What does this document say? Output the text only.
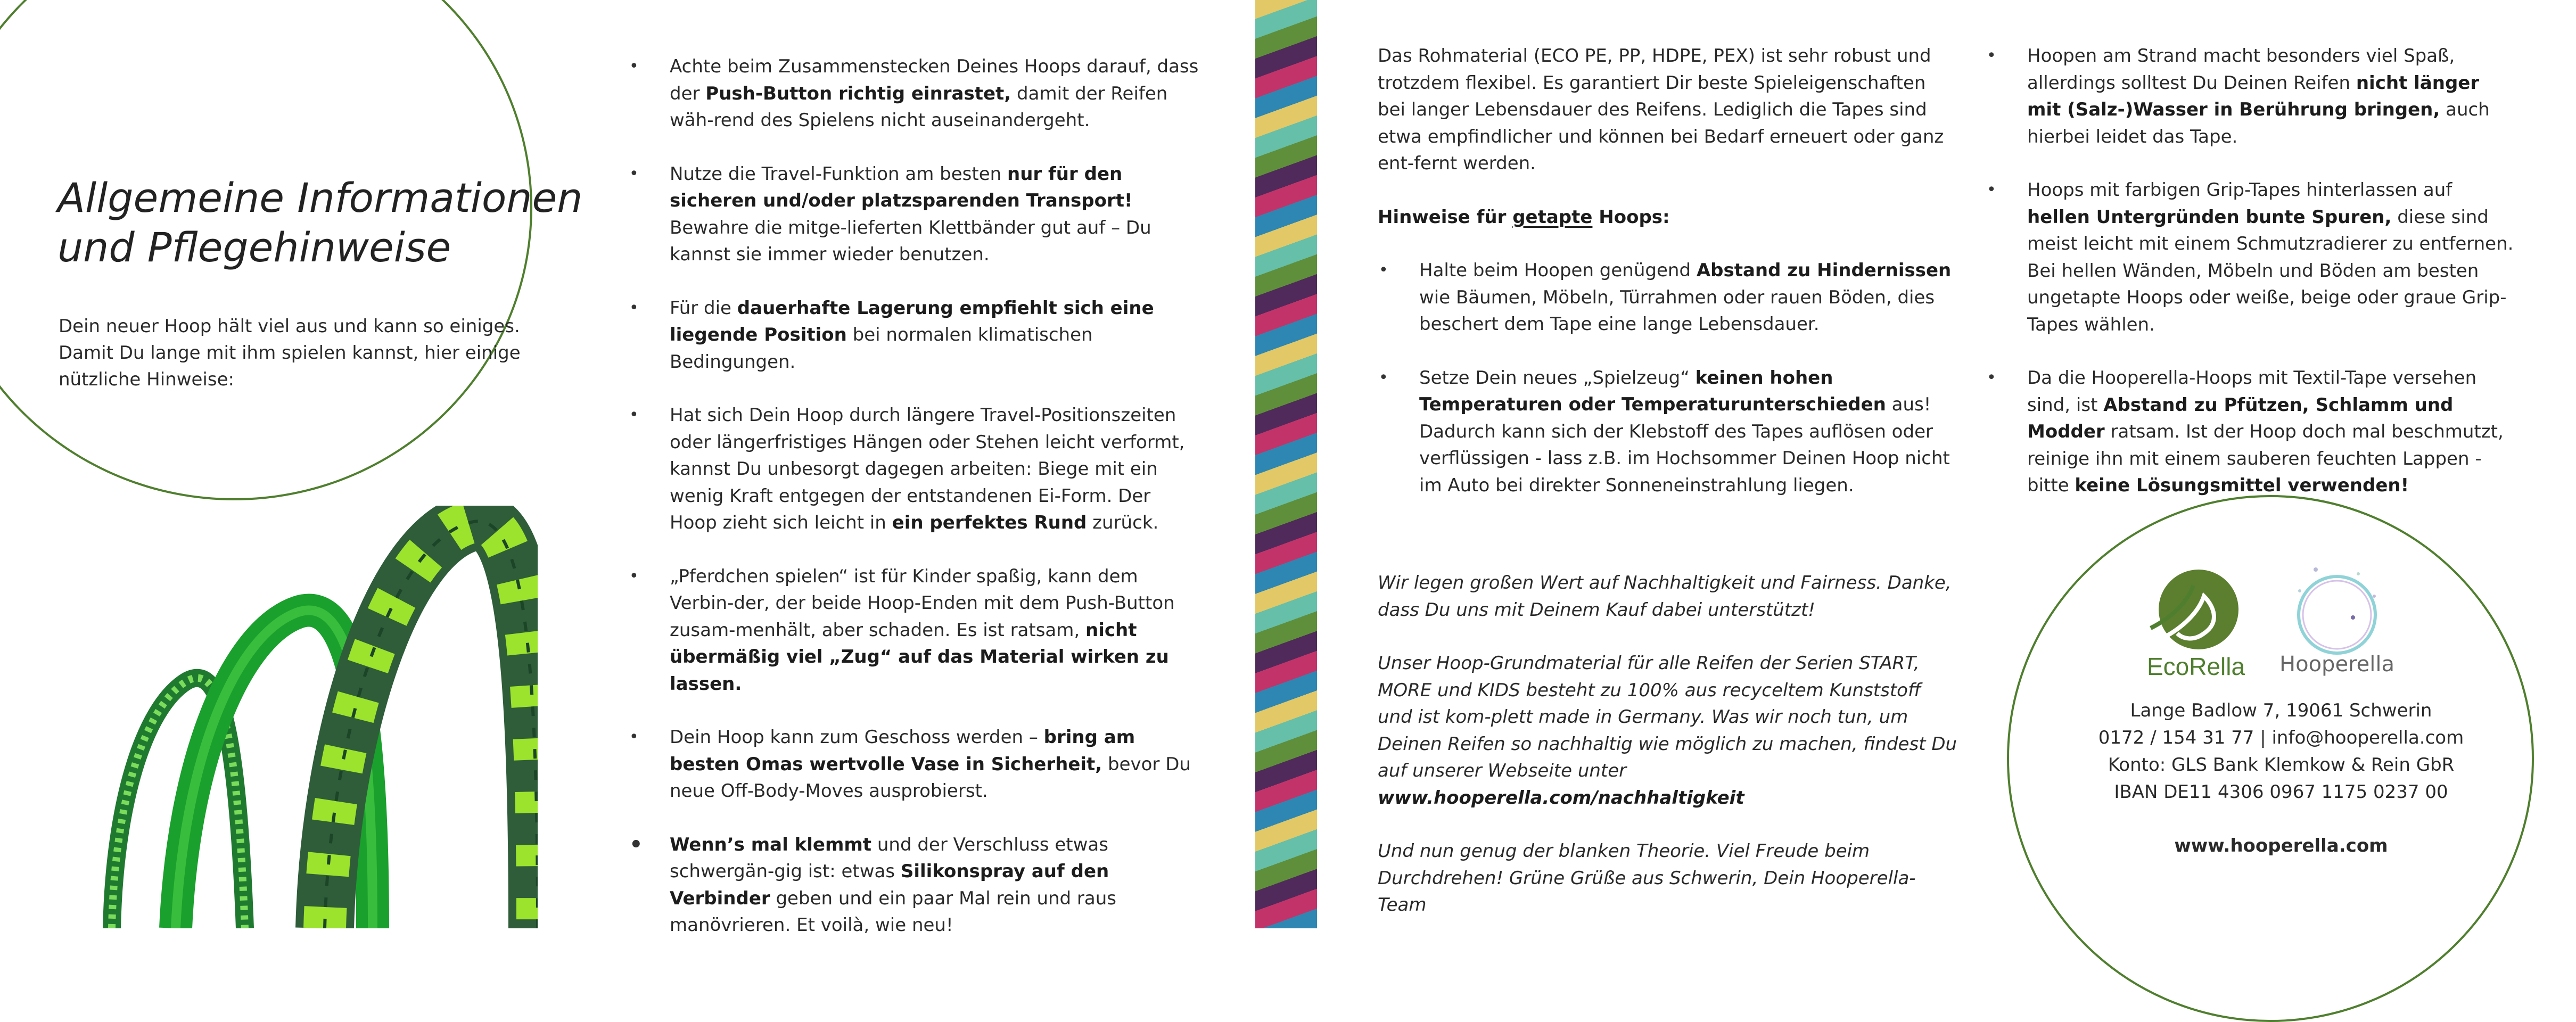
Allgemeine Informationen
und Pflegehinweise

Dein neuer Hoop hält viel aus und kann so einiges.
Damit Du lange mit ihm spielen kannst, hier einige
nützliche Hinweise:

• Achte beim Zusammenstecken Deines Hoops darauf, dass der Push-Button richtig einrastet, damit der Reifen wäh-rend des Spielens nicht auseinandergeht.
• Nutze die Travel-Funktion am besten nur für den sicheren und/oder platzsparenden Transport! Bewahre die mitge-lieferten Klettbänder gut auf – Du kannst sie immer wieder benutzen.
• Für die dauerhafte Lagerung empfiehlt sich eine liegende Position bei normalen klimatischen Bedingungen.
• Hat sich Dein Hoop durch längere Travel-Positionszeiten oder längerfristiges Hängen oder Stehen leicht verformt, kannst Du unbesorgt dagegen arbeiten: Biege mit ein wenig Kraft entgegen der entstandenen Ei-Form. Der Hoop zieht sich leicht in ein perfektes Rund zurück.
• „Pferdchen spielen“ ist für Kinder spaßig, kann dem Verbin-der, der beide Hoop-Enden mit dem Push-Button zusam-menhält, aber schaden. Es ist ratsam, nicht übermäßig viel „Zug“ auf das Material wirken zu lassen.
• Dein Hoop kann zum Geschoss werden – bring am besten Omas wertvolle Vase in Sicherheit, bevor Du neue Off-Body-Moves ausprobierst.
• Wenn’s mal klemmt und der Verschluss etwas schwergän-gig ist: etwas Silikonspray auf den Verbinder geben und ein paar Mal rein und raus manövrieren. Et voilà, wie neu!

Das Rohmaterial (ECO PE, PP, HDPE, PEX) ist sehr robust und trotzdem flexibel. Es garantiert Dir beste Spieleigenschaften bei langer Lebensdauer des Reifens. Lediglich die Tapes sind etwa empfindlicher und können bei Bedarf erneuert oder ganz ent-fernt werden.

Hinweise für getapte Hoops:

• Halte beim Hoopen genügend Abstand zu Hindernissen wie Bäumen, Möbeln, Türrahmen oder rauen Böden, dies beschert dem Tape eine lange Lebensdauer.
• Setze Dein neues „Spielzeug“ keinen hohen Temperaturen oder Temperaturunterschieden aus! Dadurch kann sich der Klebstoff des Tapes auflösen oder verflüssigen - lass z.B. im Hochsommer Deinen Hoop nicht im Auto bei direkter Sonneneinstrahlung liegen.

Wir legen großen Wert auf Nachhaltigkeit und Fairness. Danke, dass Du uns mit Deinem Kauf dabei unterstützt!

Unser Hoop-Grundmaterial für alle Reifen der Serien START, MORE und KIDS besteht zu 100% aus recyceltem Kunststoff und ist kom-plett made in Germany. Was wir noch tun, um Deinen Reifen so nachhaltig wie möglich zu machen, findest Du auf unserer Webseite unter www.hooperella.com/nachhaltigkeit

Und nun genug der blanken Theorie. Viel Freude beim Durchdrehen! Grüne Grüße aus Schwerin, Dein Hooperella-Team

• Hoopen am Strand macht besonders viel Spaß, allerdings solltest Du Deinen Reifen nicht länger mit (Salz-)Wasser in Berührung bringen, auch hierbei leidet das Tape.
• Hoops mit farbigen Grip-Tapes hinterlassen auf hellen Untergründen bunte Spuren, diese sind meist leicht mit einem Schmutzradierer zu entfernen. Bei hellen Wänden, Möbeln und Böden am besten ungetapte Hoops oder weiße, beige oder graue Grip-Tapes wählen.
• Da die Hooperella-Hoops mit Textil-Tape versehen sind, ist Abstand zu Pfützen, Schlamm und Modder ratsam. Ist der Hoop doch mal beschmutzt, reinige ihn mit einem sauberen feuchten Lappen - bitte keine Lösungsmittel verwenden!
EcoRella	Hooperella
Lange Badlow 7, 19061 Schwerin
0172 / 154 31 77 | info@hooperella.com
Konto: GLS Bank Klemkow & Rein GbR
IBAN DE11 4306 0967 1175 0237 00
www.hooperella.com
